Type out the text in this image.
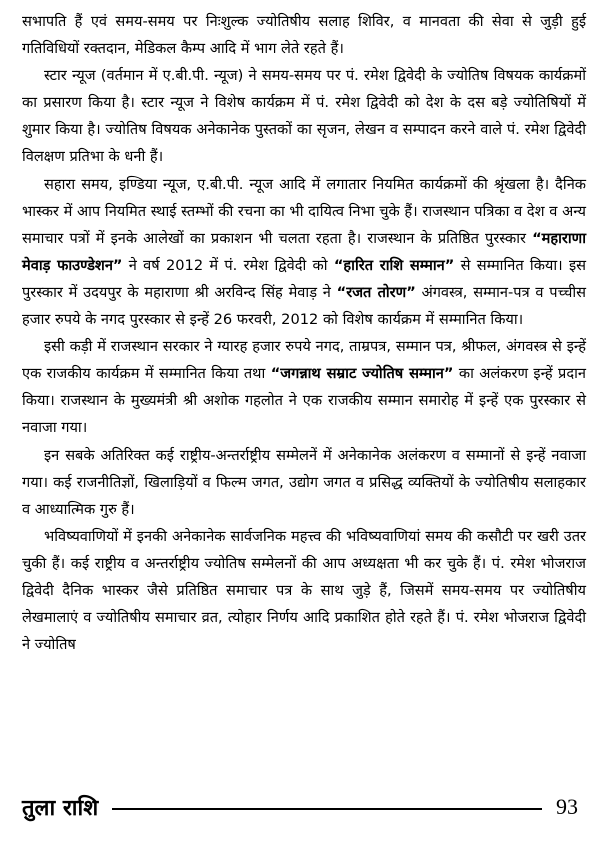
सभापति हैं एवं समय-समय पर निःशुल्क ज्योतिषीय सलाह शिविर, व मानवता की सेवा से जुड़ी हुई गतिविधियों रक्तदान, मेडिकल कैम्प आदि में भाग लेते रहते हैं।

स्टार न्यूज (वर्तमान में ए.बी.पी. न्यूज) ने समय-समय पर पं. रमेश द्विवेदी के ज्योतिष विषयक कार्यक्रमों का प्रसारण किया है। स्टार न्यूज ने विशेष कार्यक्रम में पं. रमेश द्विवेदी को देश के दस बड़े ज्योतिषियों में शुमार किया है। ज्योतिष विषयक अनेकानेक पुस्तकों का सृजन, लेखन व सम्पादन करने वाले पं. रमेश द्विवेदी विलक्षण प्रतिभा के धनी हैं।

सहारा समय, इण्डिया न्यूज, ए.बी.पी. न्यूज आदि में लगातार नियमित कार्यक्रमों की श्रृंखला है। दैनिक भास्कर में आप नियमित स्थाई स्तम्भों की रचना का भी दायित्व निभा चुके हैं। राजस्थान पत्रिका व देश व अन्य समाचार पत्रों में इनके आलेखों का प्रकाशन भी चलता रहता है। राजस्थान के प्रतिष्ठित पुरस्कार “महाराणा मेवाड़ फाउण्डेशन” ने वर्ष 2012 में पं. रमेश द्विवेदी को “हारित राशि सम्मान” से सम्मानित किया। इस पुरस्कार में उदयपुर के महाराणा श्री अरविन्द सिंह मेवाड़ ने “रजत तोरण” अंगवस्त्र, सम्मान-पत्र व पच्चीस हजार रुपये के नगद पुरस्कार से इन्हें 26 फरवरी, 2012 को विशेष कार्यक्रम में सम्मानित किया।

इसी कड़ी में राजस्थान सरकार ने ग्यारह हजार रुपये नगद, ताम्रपत्र, सम्मान पत्र, श्रीफल, अंगवस्त्र से इन्हें एक राजकीय कार्यक्रम में सम्मानित किया तथा “जगन्नाथ सम्राट ज्योतिष सम्मान” का अलंकरण इन्हें प्रदान किया। राजस्थान के मुख्यमंत्री श्री अशोक गहलोत ने एक राजकीय सम्मान समारोह में इन्हें एक पुरस्कार से नवाजा गया।

इन सबके अतिरिक्त कई राष्ट्रीय-अन्तर्राष्ट्रीय सम्मेलनें में अनेकानेक अलंकरण व सम्मानों से इन्हें नवाजा गया। कई राजनीतिज्ञों, खिलाड़ियों व फिल्म जगत, उद्योग जगत व प्रसिद्ध व्यक्तियों के ज्योतिषीय सलाहकार व आध्यात्मिक गुरु हैं।

भविष्यवाणियों में इनकी अनेकानेक सार्वजनिक महत्त्व की भविष्यवाणियां समय की कसौटी पर खरी उतर चुकी हैं। कई राष्ट्रीय व अन्तर्राष्ट्रीय ज्योतिष सम्मेलनों की आप अध्यक्षता भी कर चुके हैं। पं. रमेश भोजराज द्विवेदी दैनिक भास्कर जैसे प्रतिष्ठित समाचार पत्र के साथ जुड़े हैं, जिसमें समय-समय पर ज्योतिषीय लेखमालाएं व ज्योतिषीय समाचार व्रत, त्योहार निर्णय आदि प्रकाशित होते रहते हैं। पं. रमेश भोजराज द्विवेदी ने ज्योतिष

तुला राशि	93
